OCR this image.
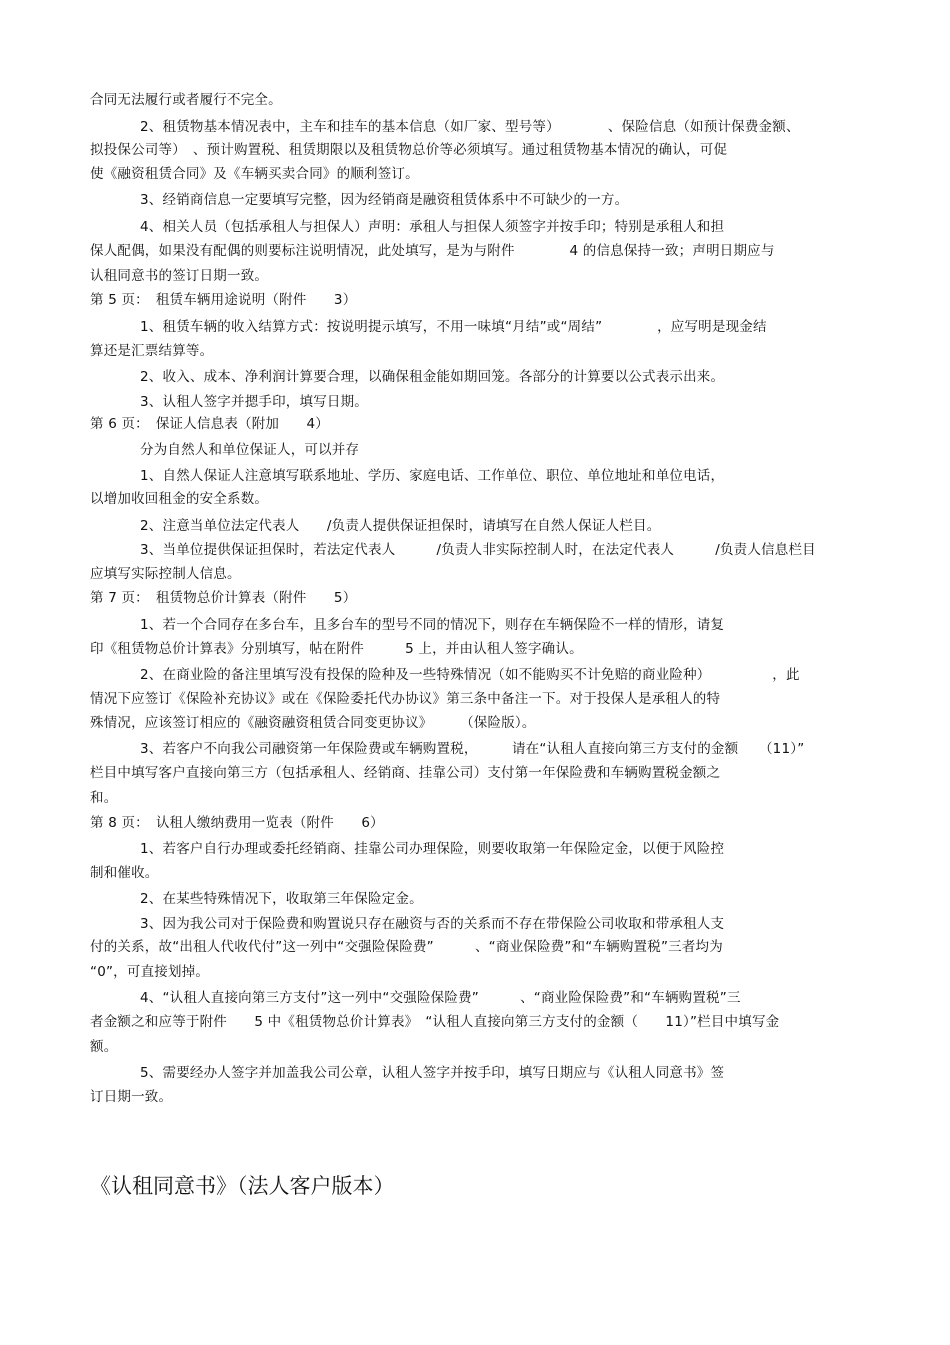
合同无法履行或者履行不完全。
2、租赁物基本情况表中，主车和挂车的基本信息（如厂家、型号等）　　　　、保险信息（如预计保费金额、
拟投保公司等）　、预计购置税、租赁期限以及租赁物总价等必须填写。通过租赁物基本情况的确认，可促
使《融资租赁合同》及《车辆买卖合同》的顺利签订。
3、经销商信息一定要填写完整，因为经销商是融资租赁体系中不可缺少的一方。
4、相关人员（包括承租人与担保人）声明：承租人与担保人须签字并按手印；特别是承租人和担
保人配偶，如果没有配偶的则要标注说明情况，此处填写，是为与附件　　　　4 的信息保持一致；声明日期应与
认租同意书的签订日期一致。
第 5 页：　租赁车辆用途说明（附件　　3）
1、租赁车辆的收入结算方式：按说明提示填写，不用一味填“月结”或“周结”　　　　，应写明是现金结
算还是汇票结算等。
2、收入、成本、净利润计算要合理，以确保租金能如期回笼。各部分的计算要以公式表示出来。
3、认租人签字并摁手印，填写日期。
第 6 页：　保证人信息表（附加　　4）
分为自然人和单位保证人，可以并存
1、自然人保证人注意填写联系地址、学历、家庭电话、工作单位、职位、单位地址和单位电话，
以增加收回租金的安全系数。
2、注意当单位法定代表人　　/负责人提供保证担保时，请填写在自然人保证人栏目。
3、当单位提供保证担保时，若法定代表人　　　/负责人非实际控制人时，在法定代表人　　　/负责人信息栏目
应填写实际控制人信息。
第 7 页：　租赁物总价计算表（附件　　5）
1、若一个合同存在多台车，且多台车的型号不同的情况下，则存在车辆保险不一样的情形，请复
印《租赁物总价计算表》分别填写，帖在附件　　　5 上，并由认租人签字确认。
2、在商业险的备注里填写没有投保的险种及一些特殊情况（如不能购买不计免赔的商业险种）　　　　　，此
情况下应签订《保险补充协议》或在《保险委托代办协议》第三条中备注一下。对于投保人是承租人的特
殊情况，应该签订相应的《融资融资租赁合同变更协议》　　　（保险版）。
3、若客户不向我公司融资第一年保险费或车辆购置税，　　　请在“认租人直接向第三方支付的金额　　（11）”
栏目中填写客户直接向第三方（包括承租人、经销商、挂靠公司）支付第一年保险费和车辆购置税金额之
和。
第 8 页：　认租人缴纳费用一览表（附件　　6）
1、若客户自行办理或委托经销商、挂靠公司办理保险，则要收取第一年保险定金，以便于风险控
制和催收。
2、在某些特殊情况下，收取第三年保险定金。
3、因为我公司对于保险费和购置说只存在融资与否的关系而不存在带保险公司收取和带承租人支
付的关系，故“出租人代收代付”这一列中“交强险保险费”　　　、“商业保险费”和“车辆购置税”三者均为
“0”，可直接划掉。
4、“认租人直接向第三方支付”这一列中“交强险保险费”　　　、“商业险保险费”和“车辆购置税”三
者金额之和应等于附件　　5 中《租赁物总价计算表》　“认租人直接向第三方支付的金额（　　11）”栏目中填写金
额。
5、需要经办人签字并加盖我公司公章，认租人签字并按手印，填写日期应与《认租人同意书》签
订日期一致。
《认租同意书》（法人客户版本）
